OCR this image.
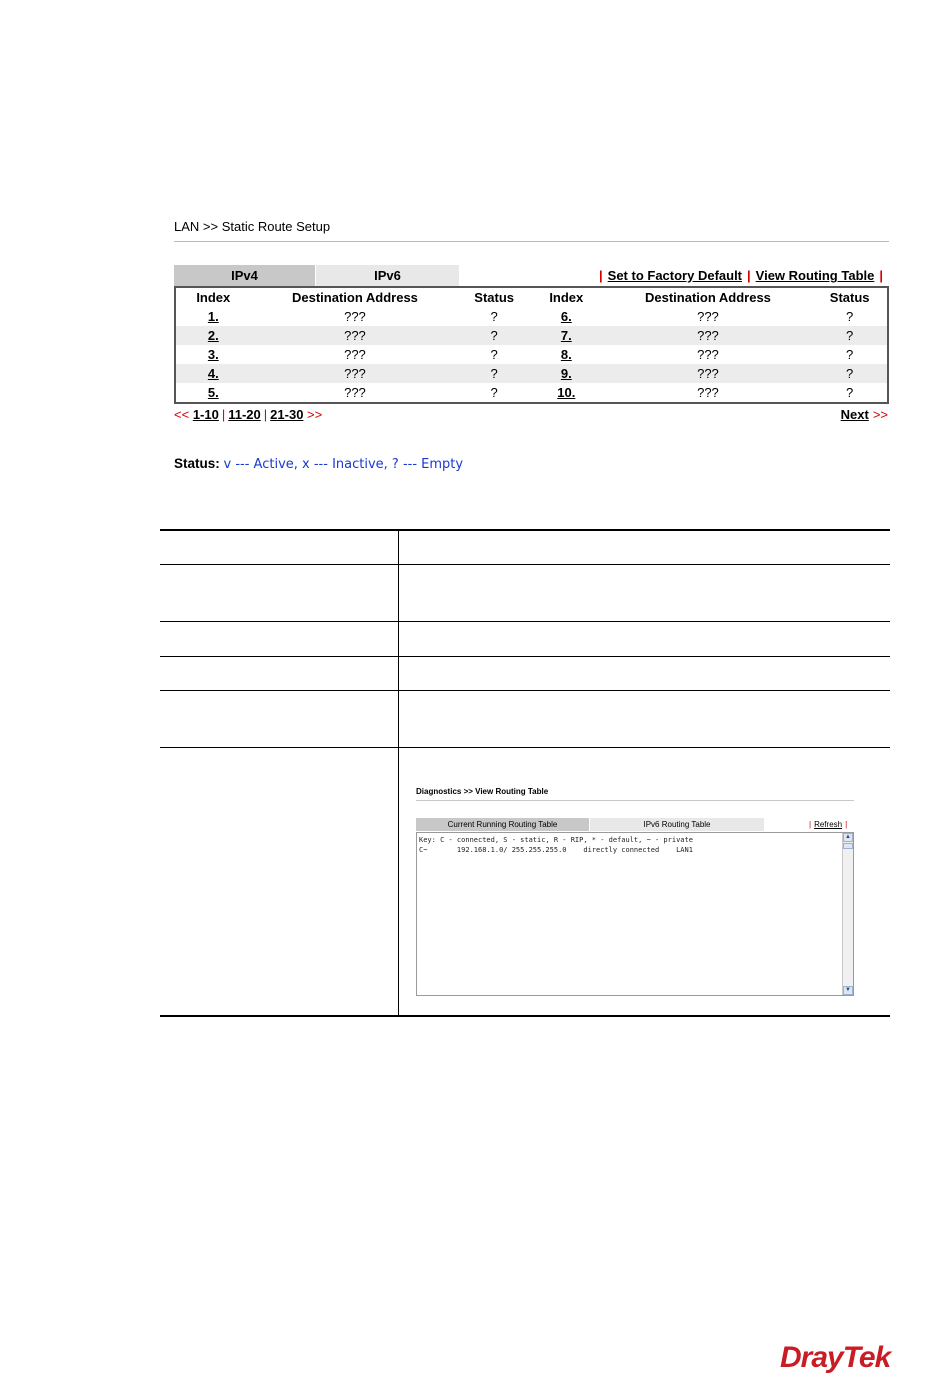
LAN >> Static Route Setup
IPv4	IPv6	| Set to Factory Default | View Routing Table |
Index	Destination Address	Status	Index	Destination Address	Status
1.	???	?	6.	???	?
2.	???	?	7.	???	?
3.	???	?	8.	???	?
4.	???	?	9.	???	?
5.	???	?	10.	???	?
<< 1-10 | 11-20 | 21-30 >>	Next >>
Status: v --- Active, x --- Inactive, ? --- Empty
Diagnostics >> View Routing Table
Current Running Routing Table	IPv6 Routing Table	| Refresh |
Key: C - connected, S - static, R - RIP, * - default, ~ - private
C~       192.168.1.0/ 255.255.255.0    directly connected    LAN1
▲
▼
DrayTek
